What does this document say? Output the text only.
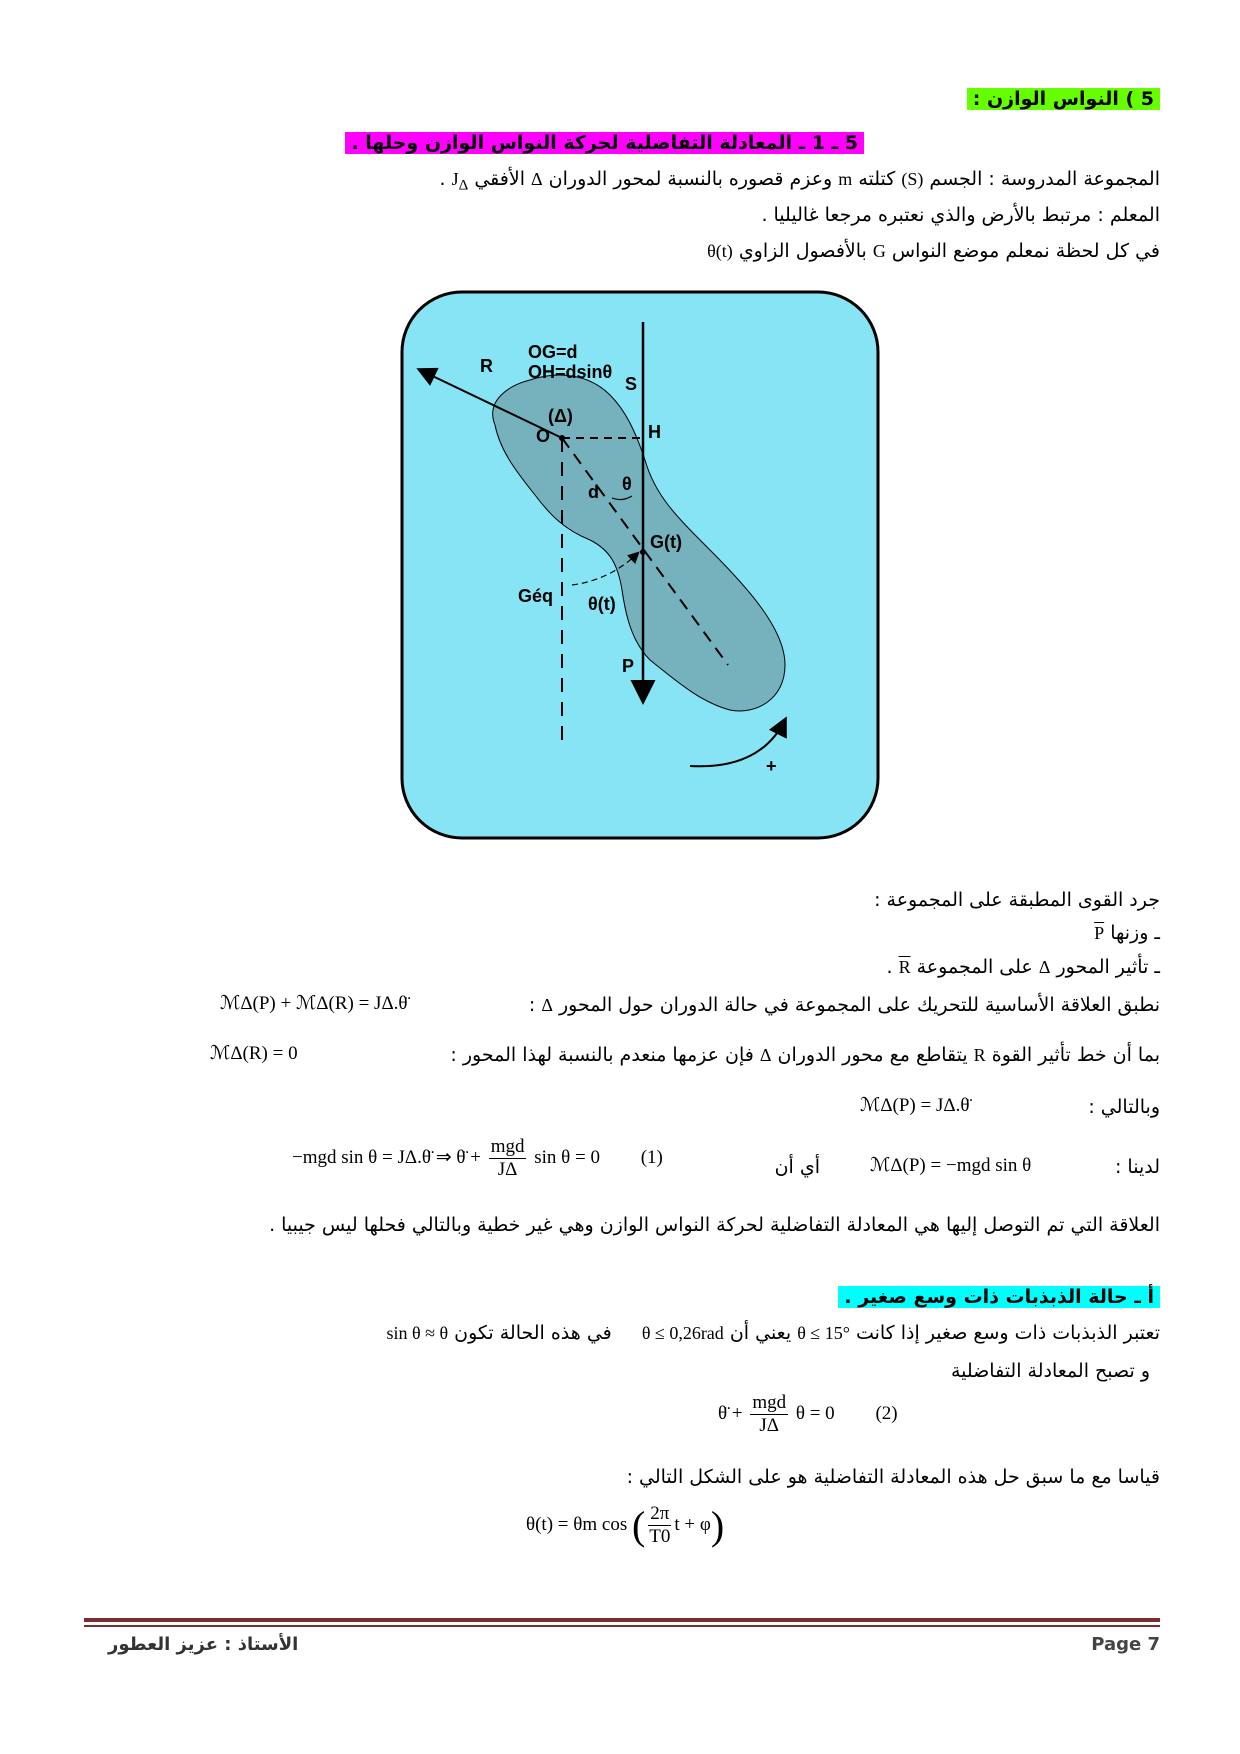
5 ) النواس الوازن :
5 ـ 1 ـ المعادلة التفاضلية لحركة النواس الوازن وحلها .
المجموعة المدروسة : الجسم (S) كتلته m وعزم قصوره بالنسبة لمحور الدوران Δ الأفقي $J_\Delta$ .
المعلم : مرتبط بالأرض والذي نعتبره مرجعا غاليليا .
في كل لحظة نمعلم موضع النواس G بالأفصول الزاوي θ(t)
OG=d
OH=dsinθ
R
S
(Δ)
O	H
d θ
G(t)
Géq θ(t)
P
+
جرد القوى المطبقة على المجموعة :
ـ وزنها $\overline{P}$
ـ تأثير المحور Δ على المجموعة $\overline{R}$ .
نطبق العلاقة الأساسية للتحريك على المجموعة في حالة الدوران حول المحور Δ :
ℳΔ(P) + ℳΔ(R) = JΔ.θ̈
بما أن خط تأثير القوة R يتقاطع مع محور الدوران Δ فإن عزمها منعدم بالنسبة لهذا المحور :
ℳΔ(R) = 0
وبالتالي :
ℳΔ(P) = JΔ.θ̈
لدينا :
ℳΔ(P) = −mgd sin θ
أي أن
−mgd sin θ = JΔ.θ̈ ⇒ θ̈ + $\frac{\text{mgd}}{J\Delta}$ sin θ = 0 (1)
العلاقة التي تم التوصل إليها هي المعادلة التفاضلية لحركة النواس الوازن وهي غير خطية وبالتالي فحلها ليس جيبيا .
أ ـ حالة الذبذبات ذات وسع صغير .
تعتبر الذبذبات ذات وسع صغير إذا كانت θ ≤ 15° يعني أن θ ≤ 0,26rad في هذه الحالة تكون sin θ ≈ θ
و تصبح المعادلة التفاضلية
θ̈ + $\frac{\text{mgd}}{J\Delta}$ θ = 0 (2)
قياسا مع ما سبق حل هذه المعادلة التفاضلية هو على الشكل التالي :
θ(t) = θm cos ( $\frac{2\pi}{T0}$ t + φ)
الأستاذ : عزيز العطور	Page 7
